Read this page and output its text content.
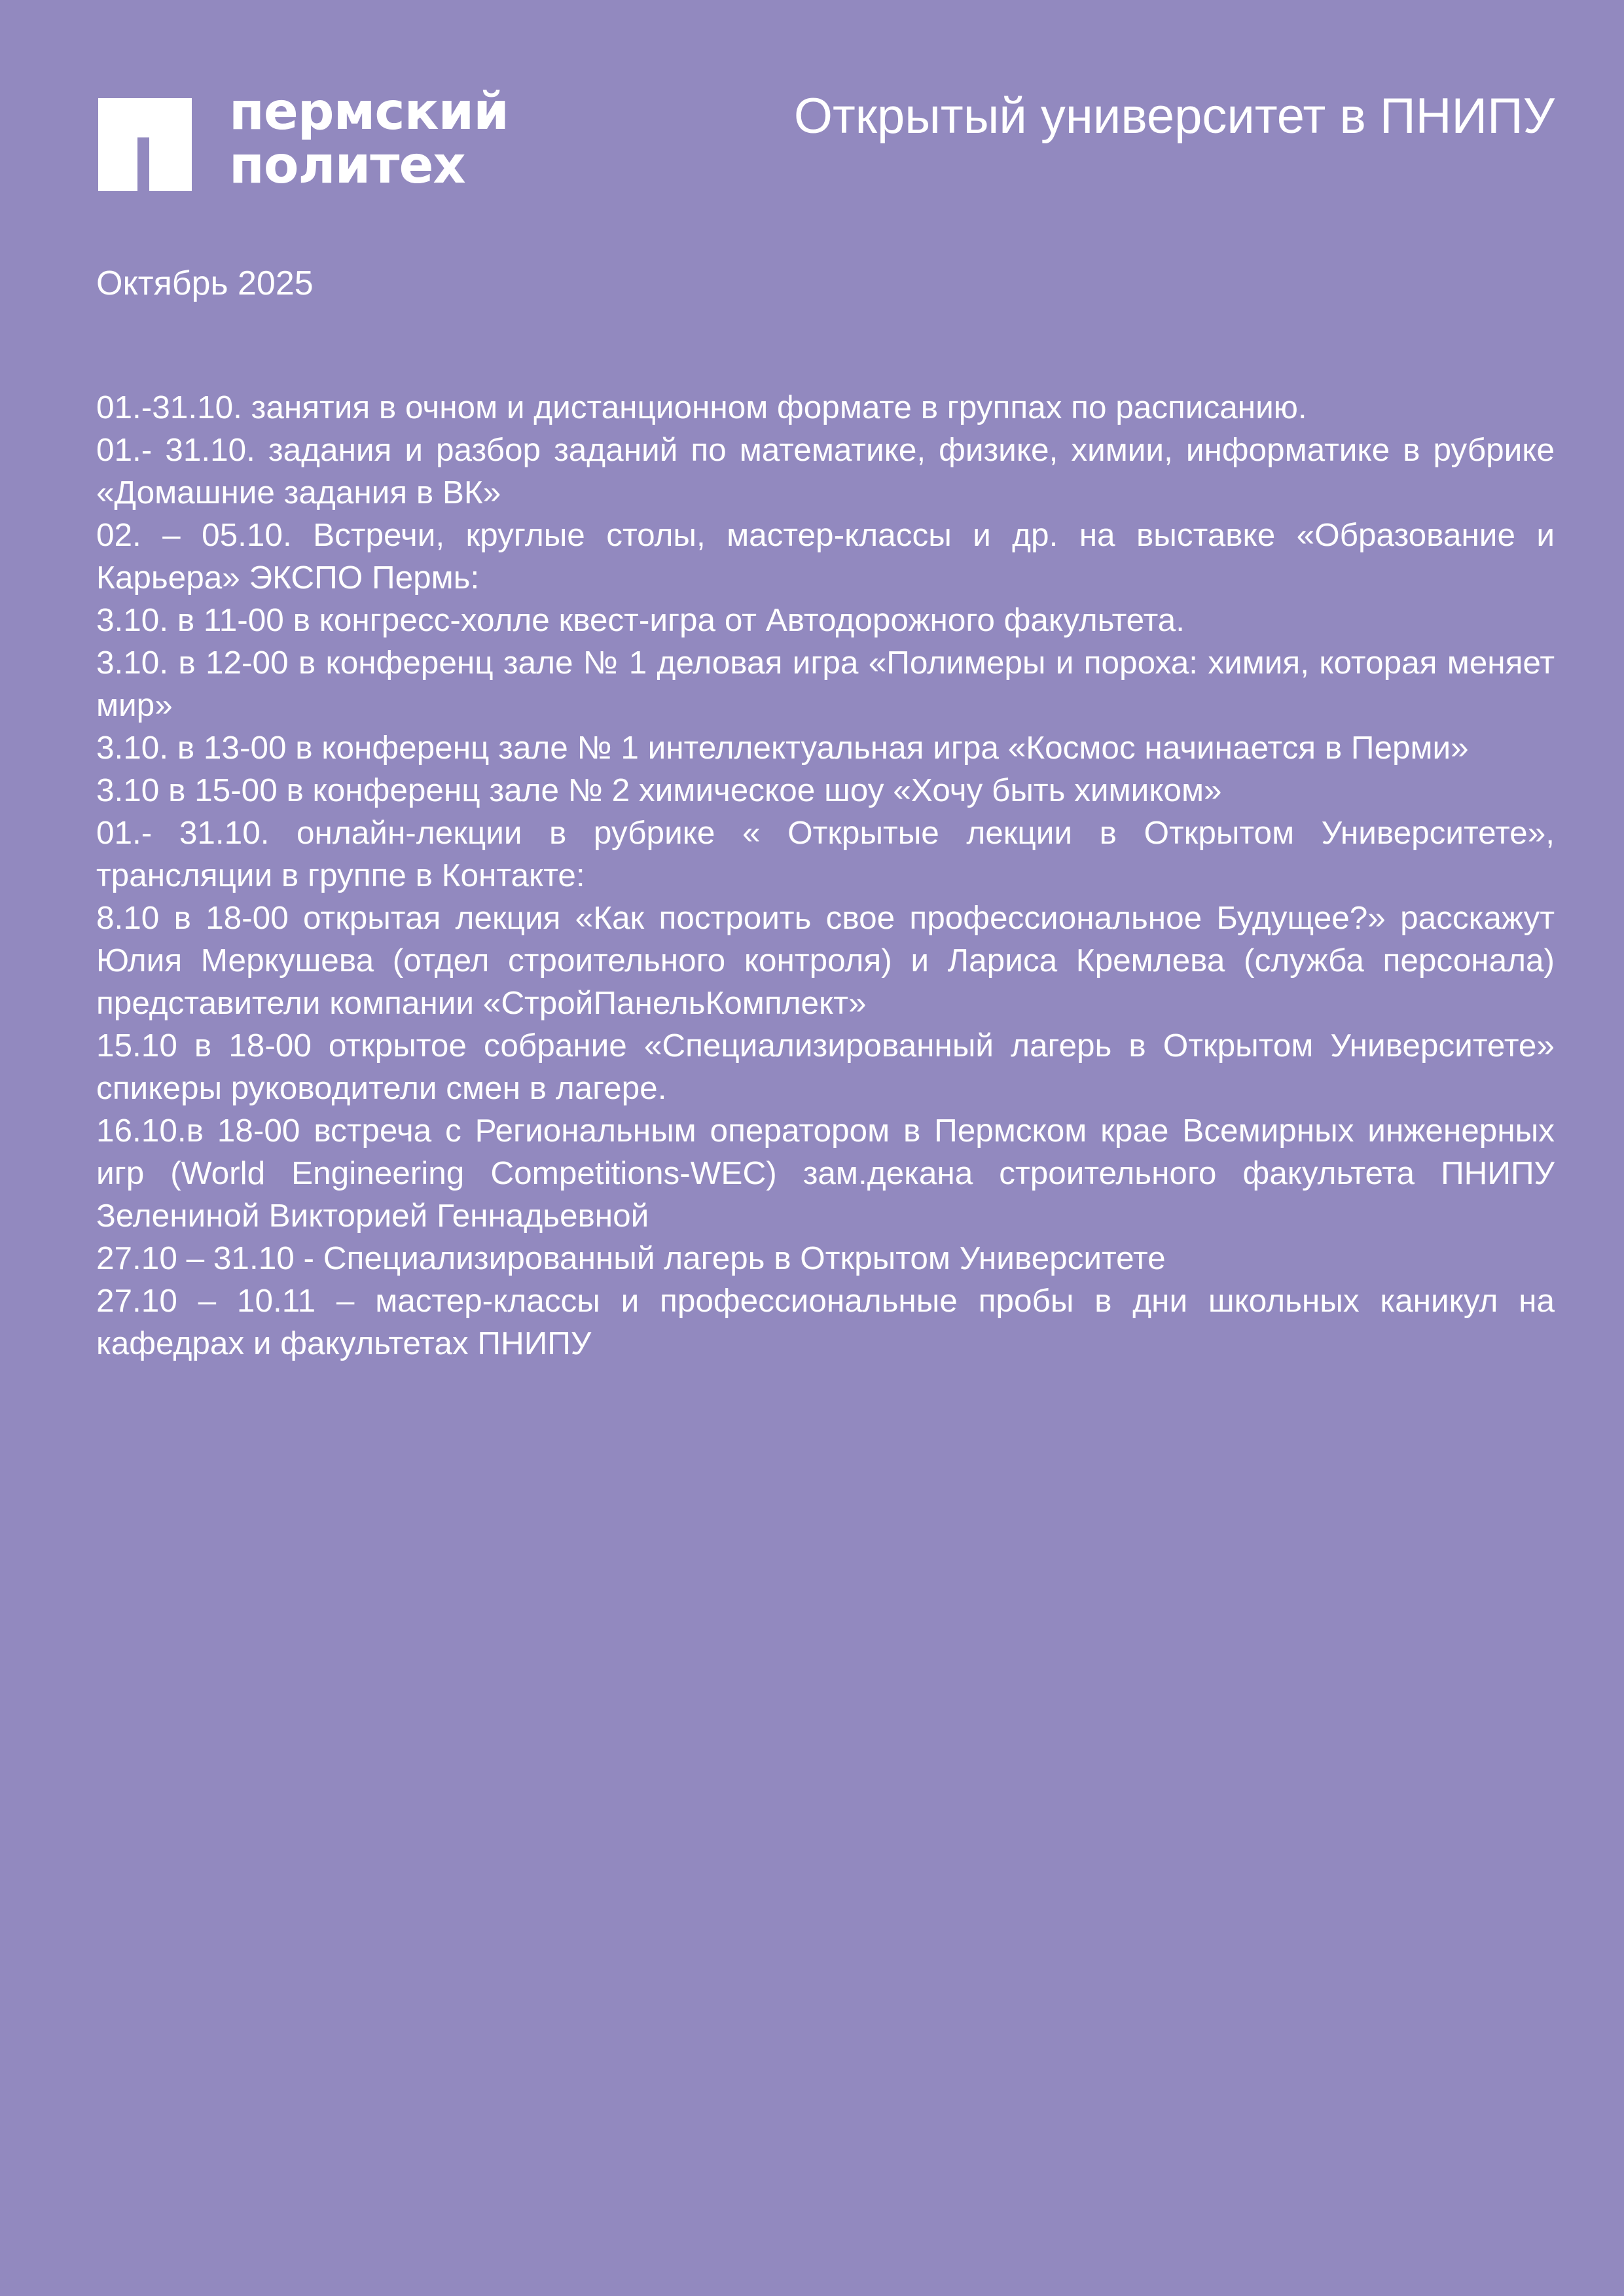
пермский
политех
Открытый университет в ПНИПУ
Октябрь 2025

01.-31.10. занятия в очном и дистанционном формате в группах по расписанию.

01.- 31.10. задания и разбор заданий по математике, физике, химии, информатике в рубрике «Домашние задания в ВК»

02. – 05.10. Встречи, круглые столы, мастер-классы и др. на выставке «Образование и Карьера» ЭКСПО Пермь:

3.10. в 11-00 в конгресс-холле квест-игра от Автодорожного факультета.

3.10. в 12-00 в конференц зале № 1 деловая игра «Полимеры и пороха: химия, которая меняет мир»

3.10. в 13-00 в конференц зале № 1 интеллектуальная игра «Космос начинается в Перми»

3.10 в 15-00 в конференц зале № 2 химическое шоу «Хочу быть химиком»

01.- 31.10. онлайн-лекции в рубрике « Открытые лекции в Открытом Университете», трансляции в группе в Контакте:

8.10 в 18-00 открытая лекция «Как построить свое профессиональное Будущее?» расскажут Юлия Меркушева (отдел строительного контроля) и Лариса Кремлева (служба персонала) представители компании «СтройПанельКомплект»

15.10 в 18-00 открытое собрание «Специализированный лагерь в Открытом Университете» спикеры руководители смен в лагере.

16.10.в 18-00 встреча с Региональным оператором в Пермском крае Всемирных инженерных игр (World Engineering Competitions-WEC) зам.декана строительного факультета ПНИПУ Зелениной Викторией Геннадьевной

27.10 – 31.10 - Специализированный лагерь в Открытом Университете

27.10 – 10.11 – мастер-классы и профессиональные пробы в дни школьных каникул на кафедрах и факультетах ПНИПУ
